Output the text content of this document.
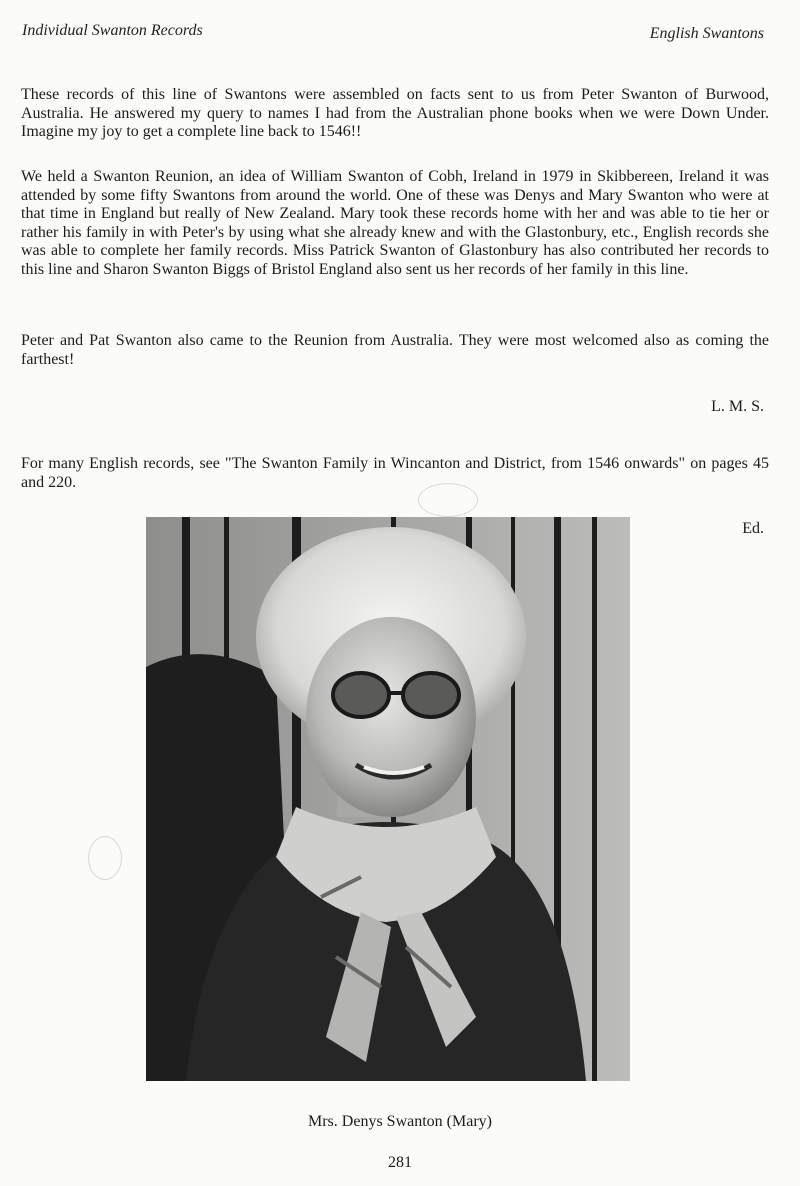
Individual Swanton Records	English Swantons

These records of this line of Swantons were assembled on facts sent to us from Peter Swanton of Burwood, Australia. He answered my query to names I had from the Australian phone books when we were Down Under. Imagine my joy to get a complete line back to 1546!!

We held a Swanton Reunion, an idea of William Swanton of Cobh, Ireland in 1979 in Skibbereen, Ireland it was attended by some fifty Swantons from around the world. One of these was Denys and Mary Swanton who were at that time in England but really of New Zealand. Mary took these records home with her and was able to tie her or rather his family in with Peter's by using what she already knew and with the Glastonbury, etc., English records she was able to complete her family records. Miss Patrick Swanton of Glastonbury has also contributed her records to this line and Sharon Swanton Biggs of Bristol England also sent us her records of her family in this line.

Peter and Pat Swanton also came to the Reunion from Australia. They were most welcomed also as coming the farthest!

L. M. S.

For many English records, see "The Swanton Family in Wincanton and District, from 1546 onwards" on pages 45 and 220.

Ed.
Mrs. Denys Swanton (Mary)
281
